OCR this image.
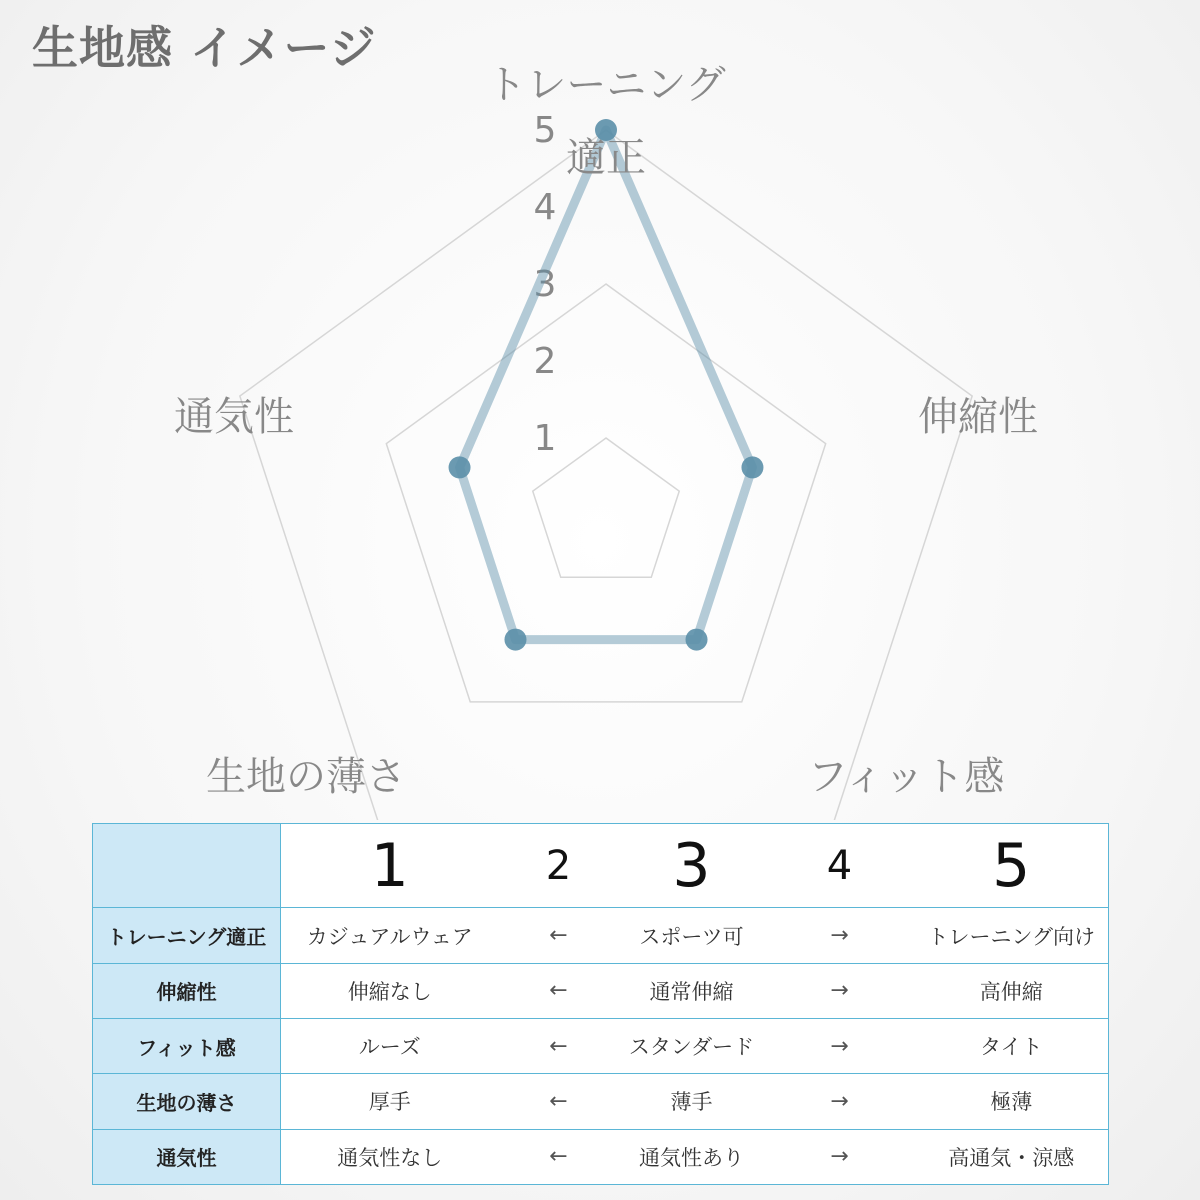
生地感 イメージ
1
2
3
4
5
トレーニング
適正
伸縮性
フィット感
生地の薄さ
通気性
	1	2	3	4	5
トレーニング適正	カジュアルウェア	←	スポーツ可	→	トレーニング向け
伸縮性	伸縮なし	←	通常伸縮	→	高伸縮
フィット感	ルーズ	←	スタンダード	→	タイト
生地の薄さ	厚手	←	薄手	→	極薄
通気性	通気性なし	←	通気性あり	→	高通気・涼感
